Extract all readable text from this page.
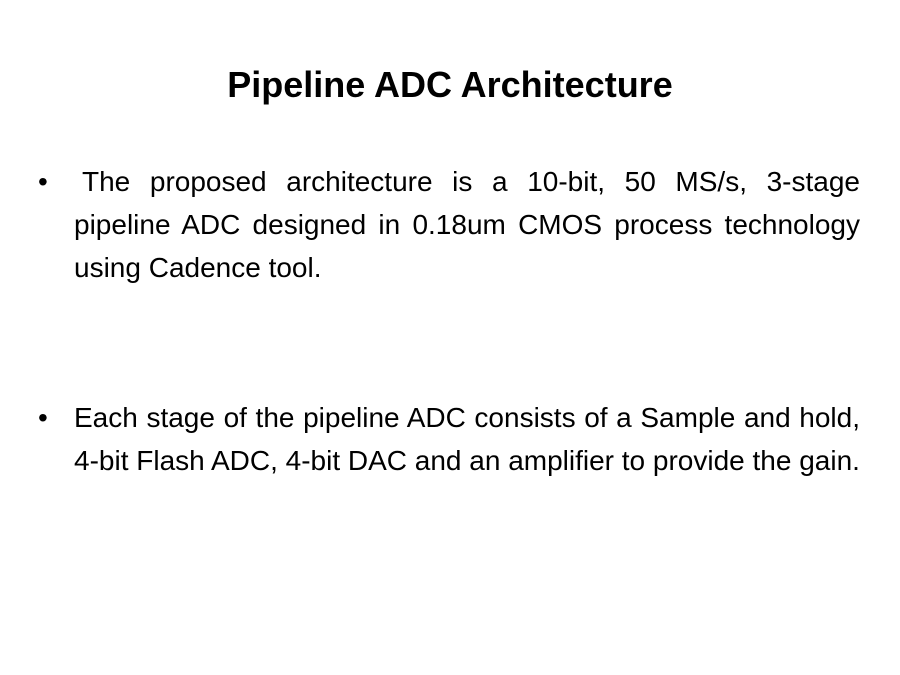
Pipeline ADC Architecture
• The proposed architecture is a 10-bit, 50 MS/s, 3-stage pipeline ADC designed in 0.18um CMOS process technology using Cadence tool.
• Each stage of the pipeline ADC consists of a Sample and hold, 4-bit Flash ADC, 4-bit DAC and an amplifier to provide the gain.
